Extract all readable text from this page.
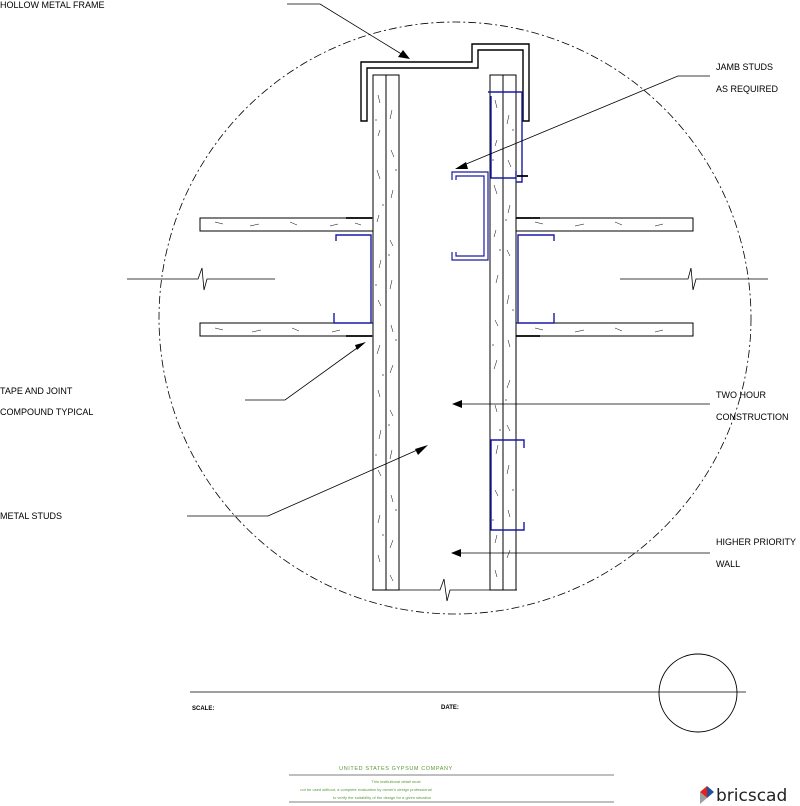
HOLLOW METAL FRAME
JAMB STUDS
AS REQUIRED
TAPE AND JOINT
COMPOUND TYPICAL
TWO HOUR
CONSTRUCTION
METAL STUDS
HIGHER PRIORITY
WALL
SCALE:	DATE:
UNITED STATES GYPSUM COMPANY
This institutional detail must
not be used without, a complete evaluation by owner's design professional
to verify the suitability of the design for a given situation	bricscad
